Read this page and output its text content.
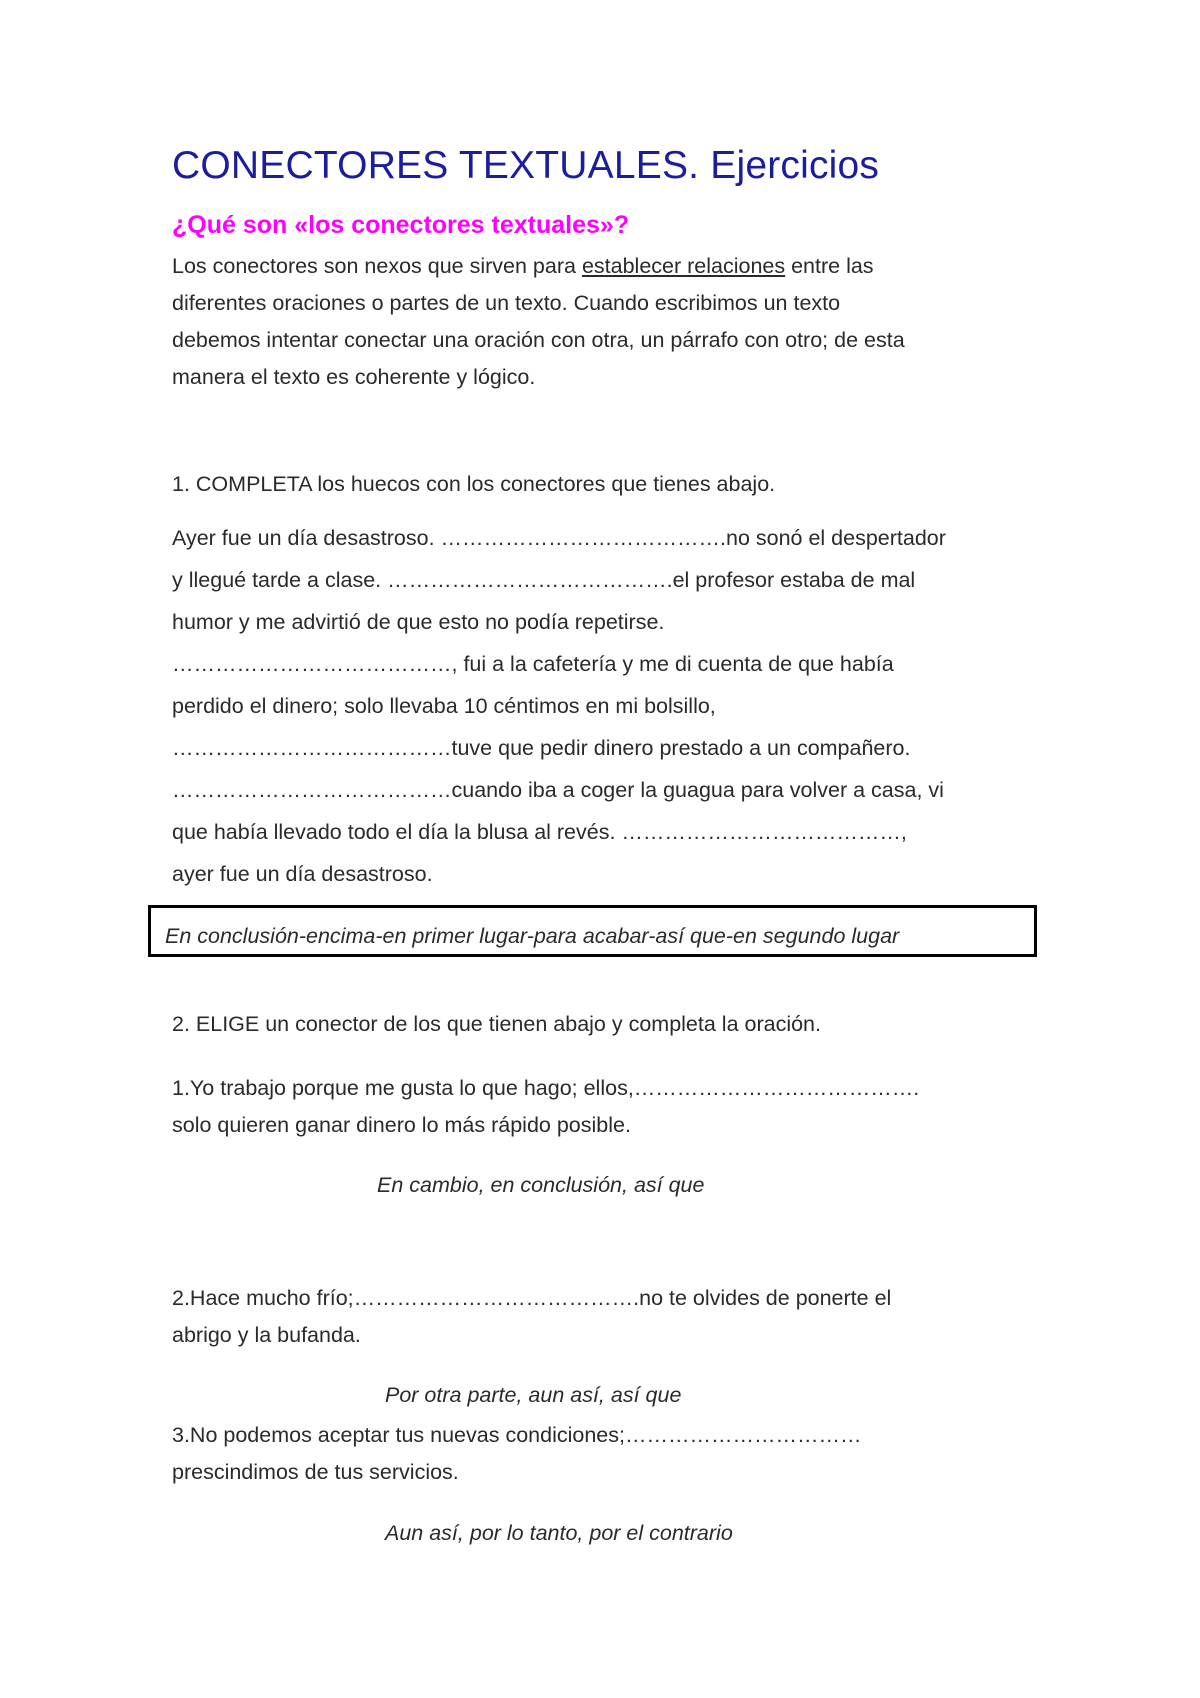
CONECTORES TEXTUALES. Ejercicios
¿Qué son «los conectores textuales»?
Los conectores son nexos que sirven para establecer relaciones entre las
diferentes oraciones o partes de un texto. Cuando escribimos un texto
debemos intentar conectar una oración con otra, un párrafo con otro; de esta
manera el texto es coherente y lógico.
1. COMPLETA los huecos con los conectores que tienes abajo.
Ayer fue un día desastroso. ………………………………….no sonó el despertador
y llegué tarde a clase. ………………………………….el profesor estaba de mal
humor y me advirtió de que esto no podía repetirse.
…………………………………, fui a la cafetería y me di cuenta de que había
perdido el dinero; solo llevaba 10 céntimos en mi bolsillo,
…………………………………tuve que pedir dinero prestado a un compañero.
…………………………………cuando iba a coger la guagua para volver a casa, vi
que había llevado todo el día la blusa al revés. …………………………………,
ayer fue un día desastroso.
En conclusión-encima-en primer lugar-para acabar-así que-en segundo lugar
2. ELIGE un conector de los que tienen abajo y completa la oración.
1.Yo trabajo porque me gusta lo que hago; ellos,………………………………….
solo quieren ganar dinero lo más rápido posible.
En cambio, en conclusión, así que
2.Hace mucho frío;………………………………….no te olvides de ponerte el
abrigo y la bufanda.
Por otra parte, aun así, así que
3.No podemos aceptar tus nuevas condiciones;……………………………
prescindimos de tus servicios.
Aun así, por lo tanto, por el contrario
